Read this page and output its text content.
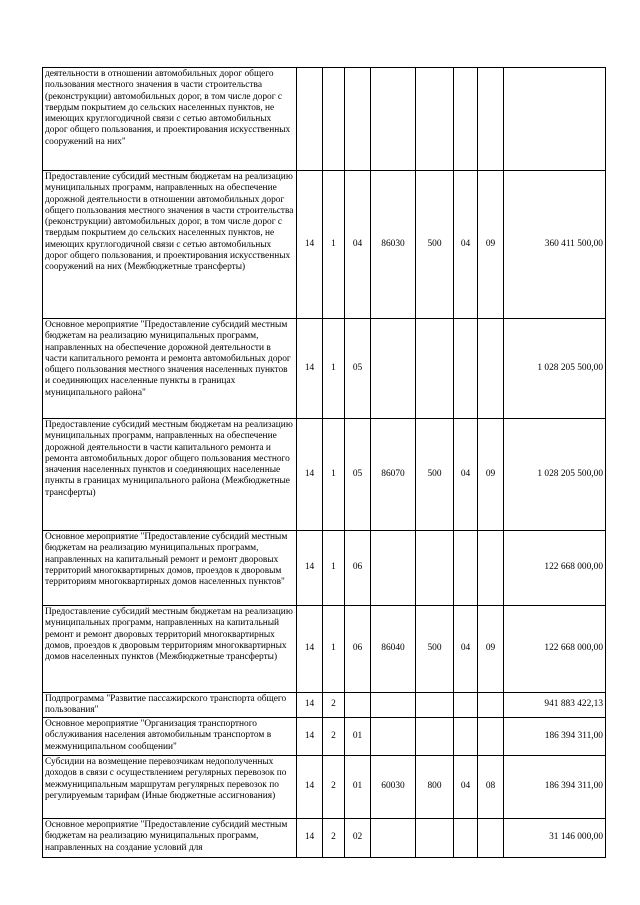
деятельности в отношении автомобильных дорог общего пользования местного значения в части строительства (реконструкции) автомобильных дорог, в том числе дорог с твердым покрытием до сельских населенных пунктов, не имеющих круглогодичной связи с сетью автомобильных дорог общего пользования, и проектирования искусственных сооружений на них"								
Предоставление субсидий местным бюджетам на реализацию муниципальных программ, направленных на обеспечение дорожной деятельности в отношении автомобильных дорог общего пользования местного значения в части строительства (реконструкции) автомобильных дорог, в том числе дорог с твердым покрытием до сельских населенных пунктов, не имеющих круглогодичной связи с сетью автомобильных дорог общего пользования, и проектирования искусственных сооружений на них (Межбюджетные трансферты)	14	1	04	86030	500	04	09	360 411 500,00
Основное мероприятие "Предоставление субсидий местным бюджетам на реализацию муниципальных программ, направленных на обеспечение дорожной деятельности в части капитального ремонта и ремонта автомобильных дорог общего пользования местного значения населенных пунктов и соединяющих населенные пункты в границах муниципального района"	14	1	05					1 028 205 500,00
Предоставление субсидий местным бюджетам на реализацию муниципальных программ, направленных на обеспечение дорожной деятельности в части капитального ремонта и ремонта автомобильных дорог общего пользования местного значения населенных пунктов и соединяющих населенные пункты в границах муниципального района (Межбюджетные трансферты)	14	1	05	86070	500	04	09	1 028 205 500,00
Основное мероприятие "Предоставление субсидий местным бюджетам на реализацию муниципальных программ, направленных на капитальный ремонт и ремонт дворовых территорий многоквартирных домов, проездов к дворовым территориям многоквартирных домов населенных пунктов"	14	1	06					122 668 000,00
Предоставление субсидий местным бюджетам на реализацию муниципальных программ, направленных на капитальный ремонт и ремонт дворовых территорий многоквартирных домов, проездов к дворовым территориям многоквартирных домов населенных пунктов (Межбюджетные трансферты)	14	1	06	86040	500	04	09	122 668 000,00
Подпрограмма "Развитие пассажирского транспорта общего пользования"	14	2						941 883 422,13
Основное мероприятие "Организация транспортного обслуживания населения автомобильным транспортом в межмуниципальном сообщении"	14	2	01					186 394 311,00
Субсидии на возмещение перевозчикам недополученных доходов в связи с осуществлением регулярных перевозок по межмуниципальным маршрутам регулярных перевозок по регулируемым тарифам (Иные бюджетные ассигнования)	14	2	01	60030	800	04	08	186 394 311,00
Основное мероприятие "Предоставление субсидий местным бюджетам на реализацию муниципальных программ, направленных на создание условий для	14	2	02					31 146 000,00
